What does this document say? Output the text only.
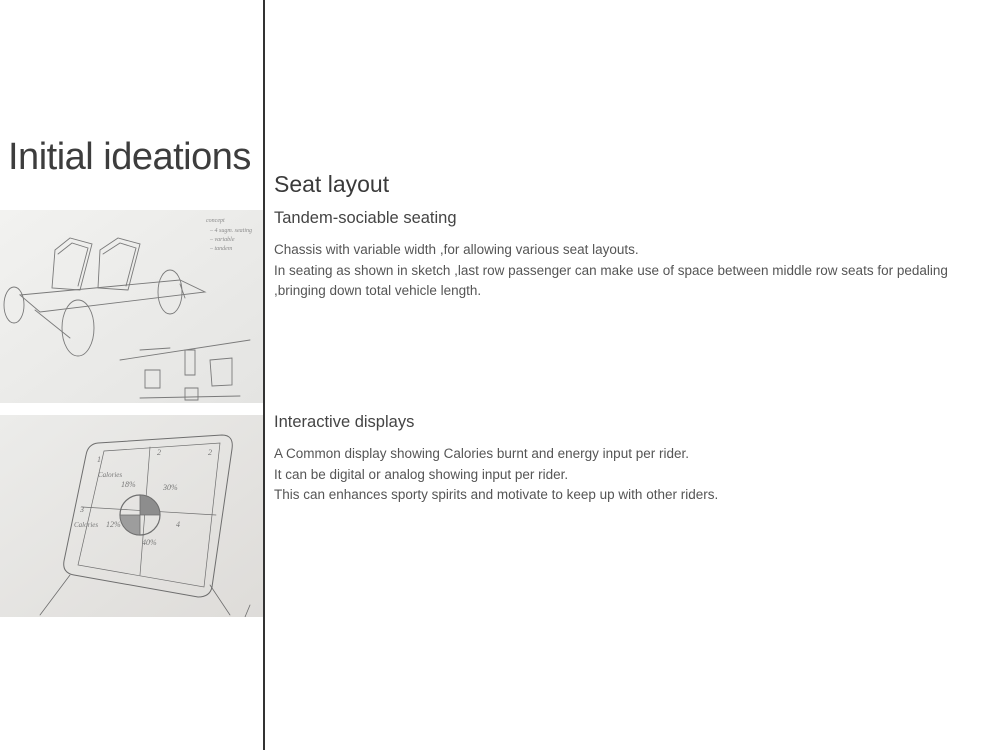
Initial ideations
concept
– 4 sugm. seating
– variable
– tandem
1
2	2
3
4
Calories
Calories
18%	30%
12%
40%
Seat layout
Tandem-sociable seating

Chassis with variable width ,for allowing various seat layouts.

In seating as shown in sketch ,last row passenger can make use of space between middle row seats for pedaling ,bringing down total vehicle length.

Interactive displays

A Common display showing Calories burnt and energy input per rider.

It can be digital or analog showing input per rider.

This can enhances sporty spirits and motivate to keep up with other riders.
